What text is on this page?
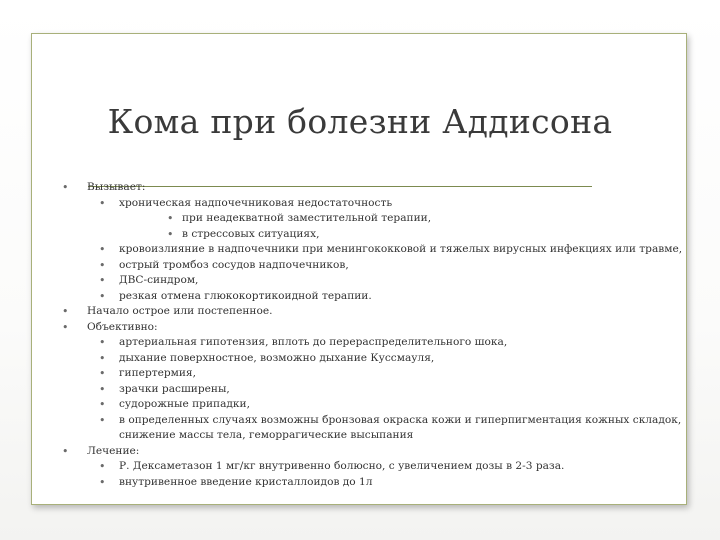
Кома при болезни Аддисона
• Вызывает:
• хроническая надпочечниковая недостаточность
• при неадекватной заместительной терапии,
• в стрессовых ситуациях,
• кровоизлияние в надпочечники при менингококковой и тяжелых вирусных инфекциях или травме,
• острый тромбоз сосудов надпочечников,
• ДВС-синдром,
• резкая отмена глюкокортикоидной терапии.
• Начало острое или постепенное.
• Объективно:
• артериальная гипотензия, вплоть до перераспределительного шока,
• дыхание поверхностное, возможно дыхание Куссмауля,
• гипертермия,
• зрачки расширены,
• судорожные припадки,
• в определенных случаях возможны бронзовая окраска кожи и гиперпигментация кожных складок,
снижение массы тела, геморрагические высыпания
• Лечение:
• Р. Дексаметазон 1 мг/кг внутривенно болюсно, с увеличением дозы в 2-3 раза.
• внутривенное введение кристаллоидов до 1л
